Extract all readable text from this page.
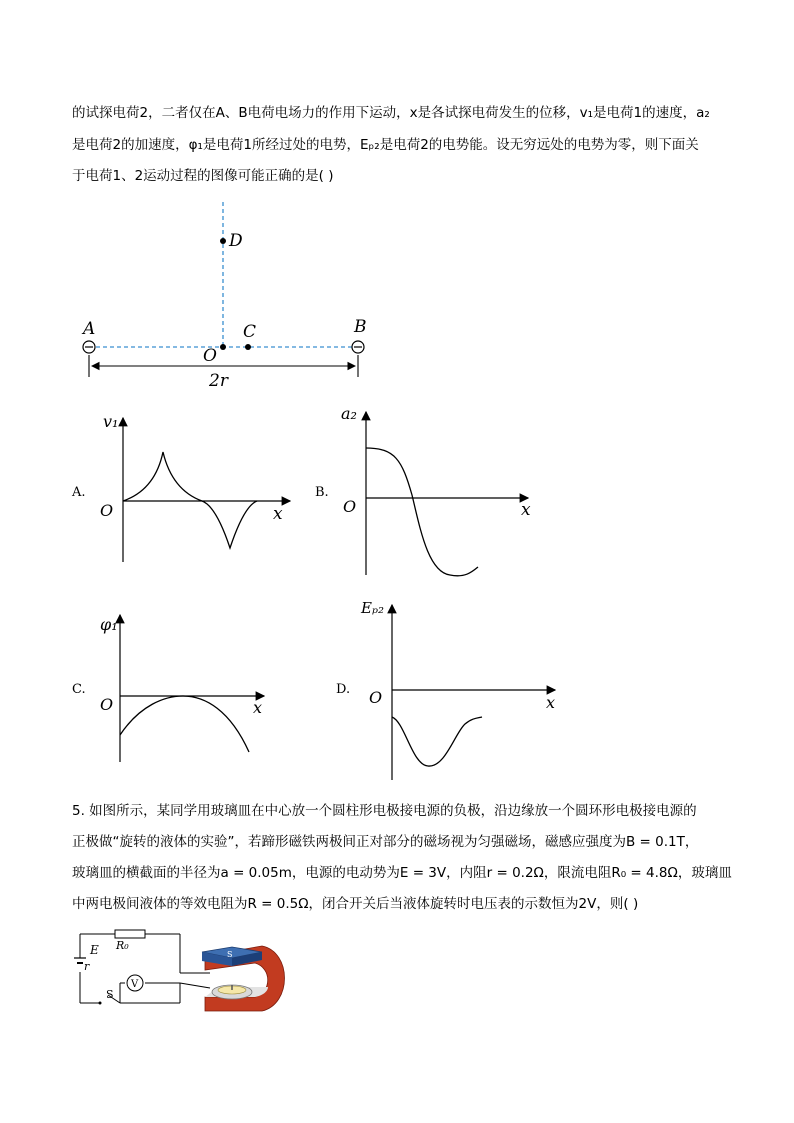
的试探电荷2，二者仅在A、B电荷电场力的作用下运动，x是各试探电荷发生的位移，v₁是电荷1的速度，a₂
是电荷2的加速度，φ₁是电荷1所经过处的电势，Eₚ₂是电荷2的电势能。设无穷远处的电势为零，则下面关
于电荷1、2运动过程的图像可能正确的是( )
A	B
C
D
O
2r
A.
v₁
O	x
B.
a₂
O	x
C.
φ₁
O	x
D.
Eₚ₂
O	x
5. 如图所示，某同学用玻璃皿在中心放一个圆柱形电极接电源的负极，沿边缘放一个圆环形电极接电源的
正极做“旋转的液体的实验”，若蹄形磁铁两极间正对部分的磁场视为匀强磁场，磁感应强度为B = 0.1T，
玻璃皿的横截面的半径为a = 0.05m，电源的电动势为E = 3V，内阻r = 0.2Ω，限流电阻R₀ = 4.8Ω，玻璃皿
中两电极间液体的等效电阻为R = 0.5Ω，闭合开关后当液体旋转时电压表的示数恒为2V，则( )
V
E
r
R₀
S
S
